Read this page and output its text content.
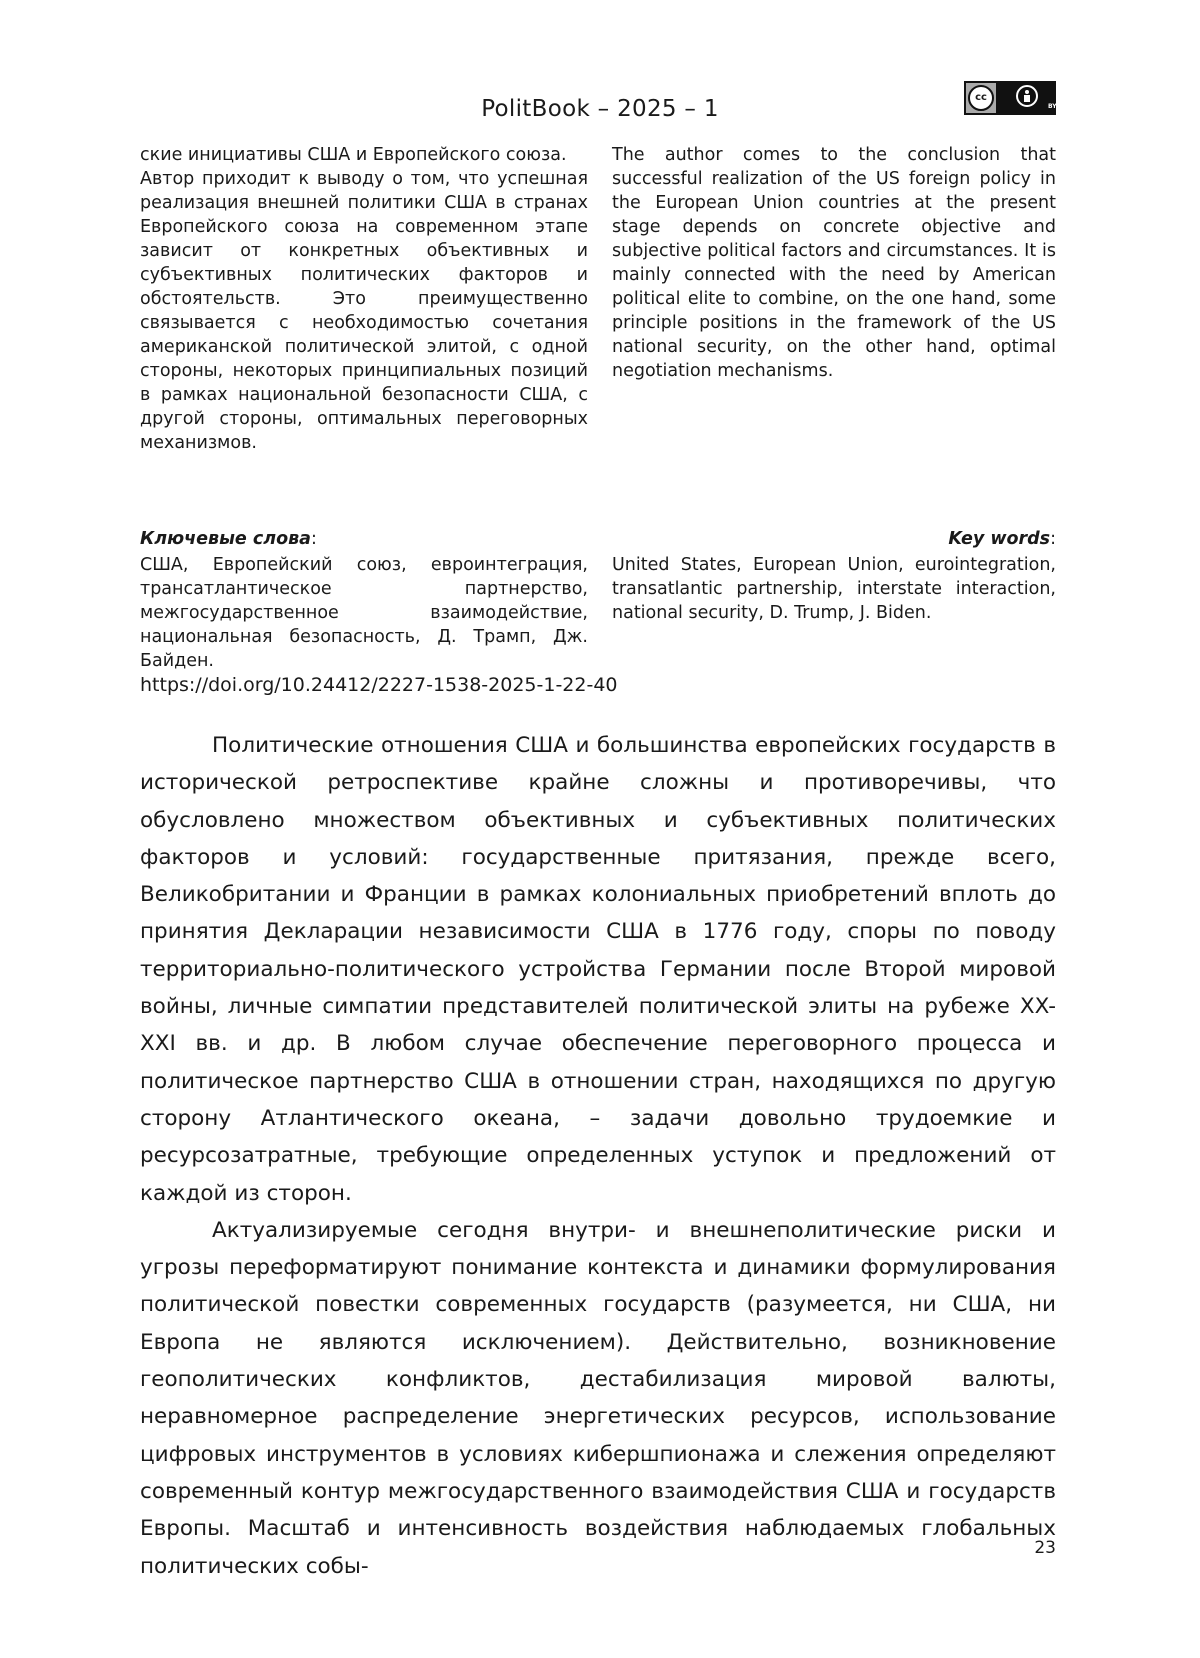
PolitBook – 2025 – 1	cc
BY

ские инициативы США и Европейского союза.

Автор приходит к выводу о том, что успешная реализация внешней политики США в странах Европейского союза на современном этапе зависит от конкретных объективных и субъективных политических факторов и обстоятельств. Это преимущественно связывается с необходимостью сочетания американской политической элитой, с одной стороны, некоторых принципиальных позиций в рамках национальной безопасности США, с другой стороны, оптимальных переговорных механизмов.

The author comes to the conclusion that successful realization of the US foreign policy in the European Union countries at the present stage depends on concrete objective and subjective political factors and circumstances. It is mainly connected with the need by American political elite to combine, on the one hand, some principle positions in the framework of the US national security, on the other hand, optimal negotiation mechanisms.

Ключевые слова:	Key words:
США, Европейский союз, евроинтеграция, трансатлантическое партнерство, межгосударственное взаимодействие, национальная безопасность, Д. Трамп, Дж. Байден.
United States, European Union, eurointegration, transatlantic partnership, interstate interaction, national security, D. Trump, J. Biden.
https://doi.org/10.24412/2227-1538-2025-1-22-40

Политические отношения США и большинства европейских государств в исторической ретроспективе крайне сложны и противоречивы, что обусловлено множеством объективных и субъективных политических факторов и условий: государственные притязания, прежде всего, Великобритании и Франции в рамках колониальных приобретений вплоть до принятия Декларации независимости США в 1776 году, споры по поводу территориально-политического устройства Германии после Второй мировой войны, личные симпатии представителей политической элиты на рубеже XX-XXI вв. и др. В любом случае обеспечение переговорного процесса и политическое партнерство США в отношении стран, находящихся по другую сторону Атлантического океана, – задачи довольно трудоемкие и ресурсозатратные, требующие определенных уступок и предложений от каждой из сторон.

Актуализируемые сегодня внутри- и внешнеполитические риски и угрозы переформатируют понимание контекста и динамики формулирования политической повестки современных государств (разумеется, ни США, ни Европа не являются исключением). Действительно, возникновение геополитических конфликтов, дестабилизация мировой валюты, неравномерное распределение энергетических ресурсов, использование цифровых инструментов в условиях кибершпионажа и слежения определяют современный контур межгосударственного взаимодействия США и государств Европы. Масштаб и интенсивность воздействия наблюдаемых глобальных политических собы-

23
